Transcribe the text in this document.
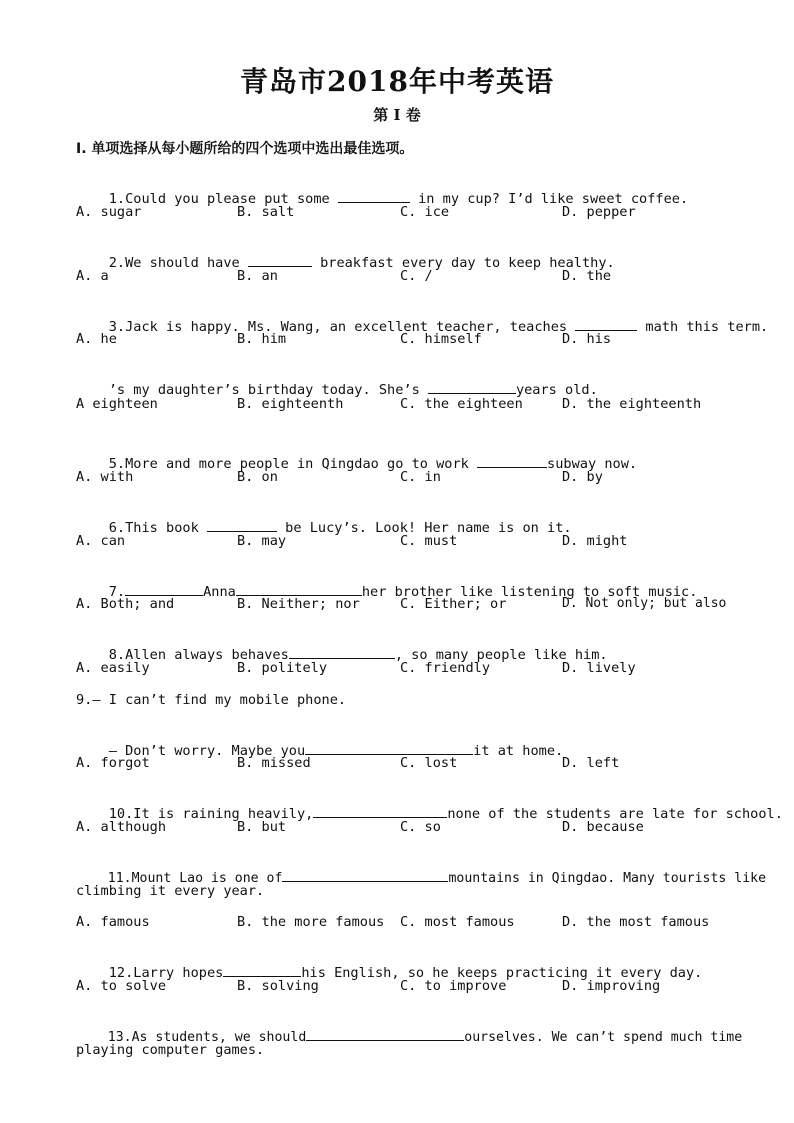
青岛市2018年中考英语
第 I 卷
I. 单项选择从每小题所给的四个选项中选出最佳选项。

1.Could you please put some	in my cup? I’d like sweet coffee.

A. sugar	B. salt	C. ice	D. pepper

2.We should have	breakfast every day to keep healthy.

A. a	B. an	C. /	D. the

3.Jack is happy. Ms. Wang, an excellent teacher, teaches	math this term.

A. he	B. him	C. himself	D. his

’s my daughter’s birthday today. She’s	years old.

A eighteen	B. eighteenth	C. the eighteen	D. the eighteenth

5.More and more people in Qingdao go to work	subway now.

A. with	B. on	C. in	D. by

6.This book	be Lucy’s. Look! Her name is on it.

A. can	B. may	C. must	D. might

7.	Anna	her brother like listening to soft music.

A. Both; and	B. Neither; nor	C. Either; or	D. Not only; but also

8.Allen always behaves	, so many people like him.

A. easily	B. politely	C. friendly	D. lively
9.— I can’t find my mobile phone.

— Don’t worry. Maybe you	it at home.

A. forgot	B. missed	C. lost	D. left

10.It is raining heavily,	none of the students are late for school.

A. although	B. but	C. so	D. because

11.Mount Lao is one of	mountains in Qingdao. Many tourists like

climbing it every year.
A. famous	B. the more famous C. most famous	D. the most famous

12.Larry hopes	his English, so he keeps practicing it every day.

A. to solve	B. solving	C. to improve	D. improving

13.As students, we should	ourselves. We can’t spend much time

playing computer games.
